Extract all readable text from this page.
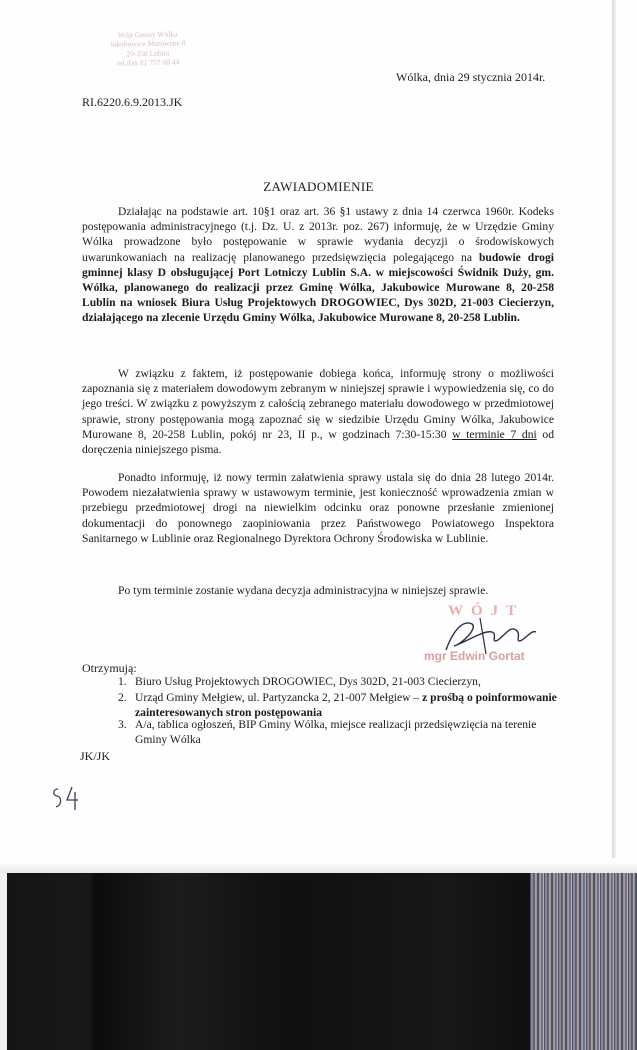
Wójt Gminy Wólka
Jakubowice Murowane 8
20-258 Lublin
tel./fax 81 757 68 44
Wólka, dnia 29 stycznia 2014r.
RI.6220.6.9.2013.JK
ZAWIADOMIENIE
Działając na podstawie art. 10§1 oraz art. 36 §1 ustawy z dnia 14 czerwca 1960r. Kodeks postępowania administracyjnego (t.j. Dz. U. z 2013r. poz. 267) informuję, że w Urzędzie Gminy Wólka prowadzone było postępowanie w sprawie wydania decyzji o środowiskowych uwarunkowaniach na realizację planowanego przedsięwzięcia polegającego na budowie drogi gminnej klasy D obsługującej Port Lotniczy Lublin S.A. w miejscowości Świdnik Duży, gm. Wólka, planowanego do realizacji przez Gminę Wólka, Jakubowice Murowane 8, 20-258 Lublin na wniosek Biura Usług Projektowych DROGOWIEC, Dys 302D, 21-003 Ciecierzyn, działającego na zlecenie Urzędu Gminy Wólka, Jakubowice Murowane 8, 20-258 Lublin.
W związku z faktem, iż postępowanie dobiega końca, informuję strony o możliwości zapoznania się z materiałem dowodowym zebranym w niniejszej sprawie i wypowiedzenia się, co do jego treści. W związku z powyższym z całością zebranego materiału dowodowego w przedmiotowej sprawie, strony postępowania mogą zapoznać się w siedzibie Urzędu Gminy Wólka, Jakubowice Murowane 8, 20-258 Lublin, pokój nr 23, II p., w godzinach 7:30-15:30 w terminie 7 dni od doręczenia niniejszego pisma.
Ponadto informuję, iż nowy termin załatwienia sprawy ustala się do dnia 28 lutego 2014r. Powodem niezałatwienia sprawy w ustawowym terminie, jest konieczność wprowadzenia zmian w przebiegu przedmiotowej drogi na niewielkim odcinku oraz ponowne przesłanie zmienionej dokumentacji do ponownego zaopiniowania przez Państwowego Powiatowego Inspektora Sanitarnego w Lublinie oraz Regionalnego Dyrektora Ochrony Środowiska w Lublinie.
Po tym terminie zostanie wydana decyzja administracyjna w niniejszej sprawie.
WÓJT
mgr Edwin Gortat
Otrzymują:
1. Biuro Usług Projektowych DROGOWIEC, Dys 302D, 21-003 Ciecierzyn,
2. Urząd Gminy Mełgiew, ul. Partyzancka 2, 21-007 Mełgiew – z prośbą o poinformowanie zainteresowanych stron postępowania
3. A/a, tablica ogłoszeń, BIP Gminy Wólka, miejsce realizacji przedsięwzięcia na terenie Gminy Wólka
JK/JK
